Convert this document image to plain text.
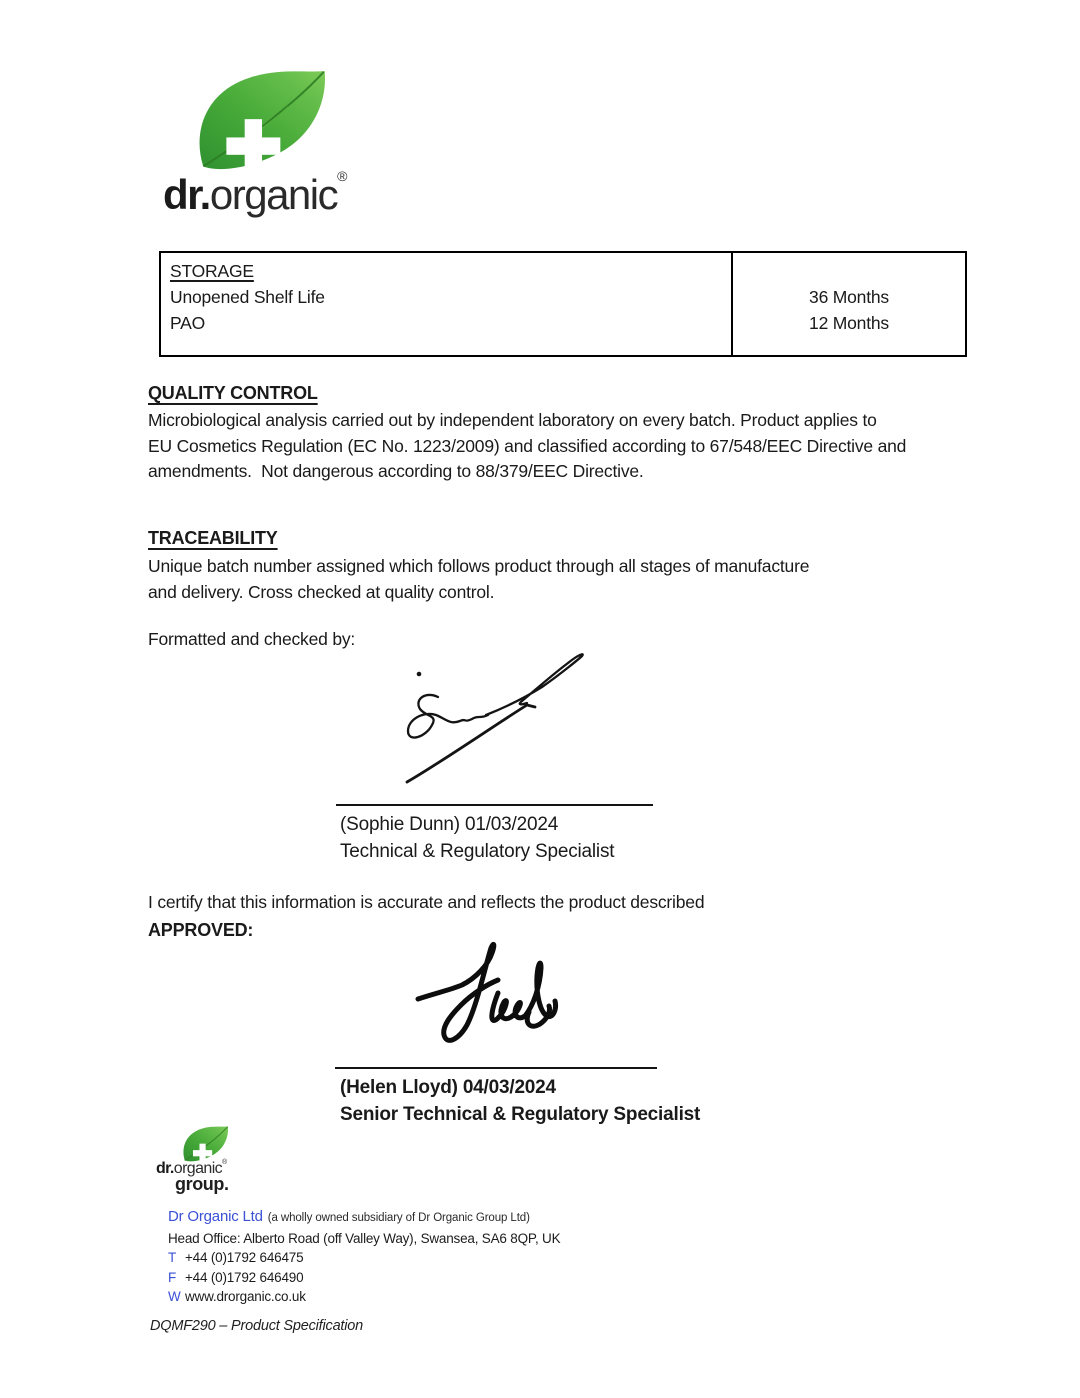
dr.organic®
STORAGE
Unopened Shelf Life
PAO
36 Months
12 Months
QUALITY CONTROL
Microbiological analysis carried out by independent laboratory on every batch. Product applies to
EU Cosmetics Regulation (EC No. 1223/2009) and classified according to 67/548/EEC Directive and
amendments.  Not dangerous according to 88/379/EEC Directive.
TRACEABILITY
Unique batch number assigned which follows product through all stages of manufacture
and delivery. Cross checked at quality control.
Formatted and checked by:
(Sophie Dunn) 01/03/2024
Technical & Regulatory Specialist
I certify that this information is accurate and reflects the product described
APPROVED:
(Helen Lloyd) 04/03/2024
Senior Technical & Regulatory Specialist
dr.organic®
group.
Dr Organic Ltd (a wholly owned subsidiary of Dr Organic Group Ltd)
Head Office: Alberto Road (off Valley Way), Swansea, SA6 8QP, UK
T +44 (0)1792 646475
F +44 (0)1792 646490
W www.drorganic.co.uk
DQMF290 – Product Specification
